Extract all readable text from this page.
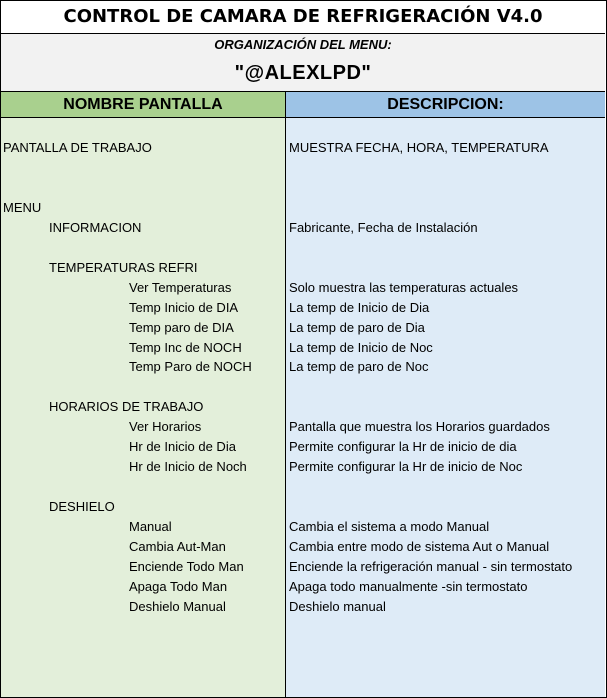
CONTROL DE CAMARA DE REFRIGERACIÓN V4.0
ORGANIZACIÓN DEL MENU:
"@ALEXLPD"
NOMBRE PANTALLA	DESCRIPCION:
PANTALLA DE TRABAJO	MUESTRA FECHA, HORA, TEMPERATURA
MENU
INFORMACION	Fabricante, Fecha de Instalación
TEMPERATURAS REFRI
Ver Temperaturas	Solo muestra las temperaturas actuales
Temp Inicio de DIA	La temp de Inicio de Dia
Temp paro de DIA	La temp de paro de Dia
Temp Inc de NOCH	La temp de Inicio de Noc
Temp Paro de NOCH	La temp de paro de Noc
HORARIOS DE TRABAJO
Ver Horarios	Pantalla que muestra los Horarios guardados
Hr de Inicio de Dia	Permite configurar la Hr de inicio de dia
Hr de Inicio de Noch	Permite configurar la Hr de inicio de Noc
DESHIELO
Manual	Cambia el sistema a modo Manual
Cambia Aut-Man	Cambia entre modo de sistema Aut o Manual
Enciende Todo Man	Enciende la refrigeración manual - sin termostato
Apaga Todo Man	Apaga todo manualmente -sin termostato
Deshielo Manual	Deshielo manual
